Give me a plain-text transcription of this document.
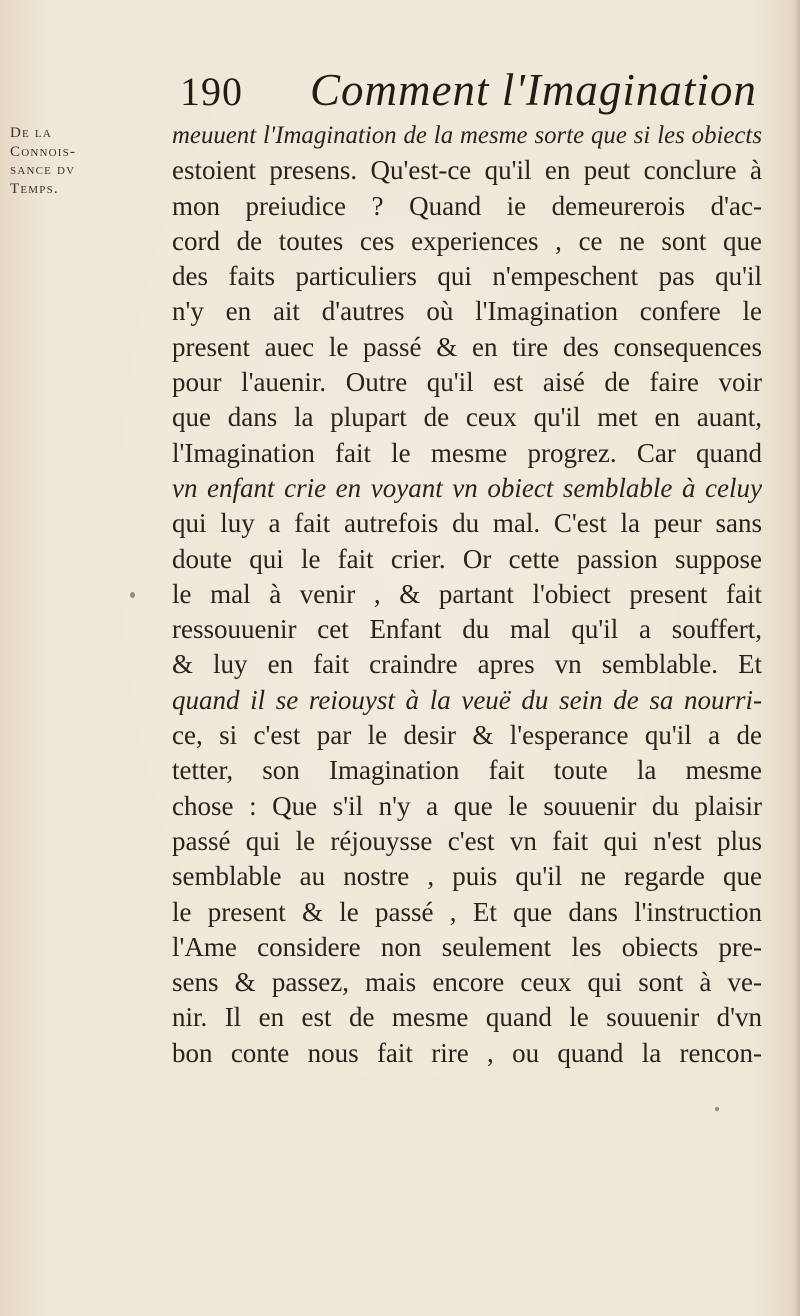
190 Comment l'Imagination
De la
Connois-
sance dv
Temps.
meuuent l'Imagination de la mesme sorte que si les obiects
estoient presens. Qu'est-ce qu'il en peut conclure à
mon preiudice ? Quand ie demeurerois d'ac-
cord de toutes ces experiences , ce ne sont que
des faits particuliers qui n'empeschent pas qu'il
n'y en ait d'autres où l'Imagination confere le
present auec le passé & en tire des consequences
pour l'auenir. Outre qu'il est aisé de faire voir
que dans la plupart de ceux qu'il met en auant,
l'Imagination fait le mesme progrez. Car quand
vn enfant crie en voyant vn obiect semblable à celuy
qui luy a fait autrefois du mal. C'est la peur sans
doute qui le fait crier. Or cette passion suppose
le mal à venir , & partant l'obiect present fait
ressouuenir cet Enfant du mal qu'il a souffert,
& luy en fait craindre apres vn semblable. Et
quand il se reiouyst à la veuë du sein de sa nourri-
ce, si c'est par le desir & l'esperance qu'il a de
tetter, son Imagination fait toute la mesme
chose : Que s'il n'y a que le souuenir du plaisir
passé qui le réjouysse c'est vn fait qui n'est plus
semblable au nostre , puis qu'il ne regarde que
le present & le passé , Et que dans l'instruction
l'Ame considere non seulement les obiects pre-
sens & passez, mais encore ceux qui sont à ve-
nir. Il en est de mesme quand le souuenir d'vn
bon conte nous fait rire , ou quand la rencon-
